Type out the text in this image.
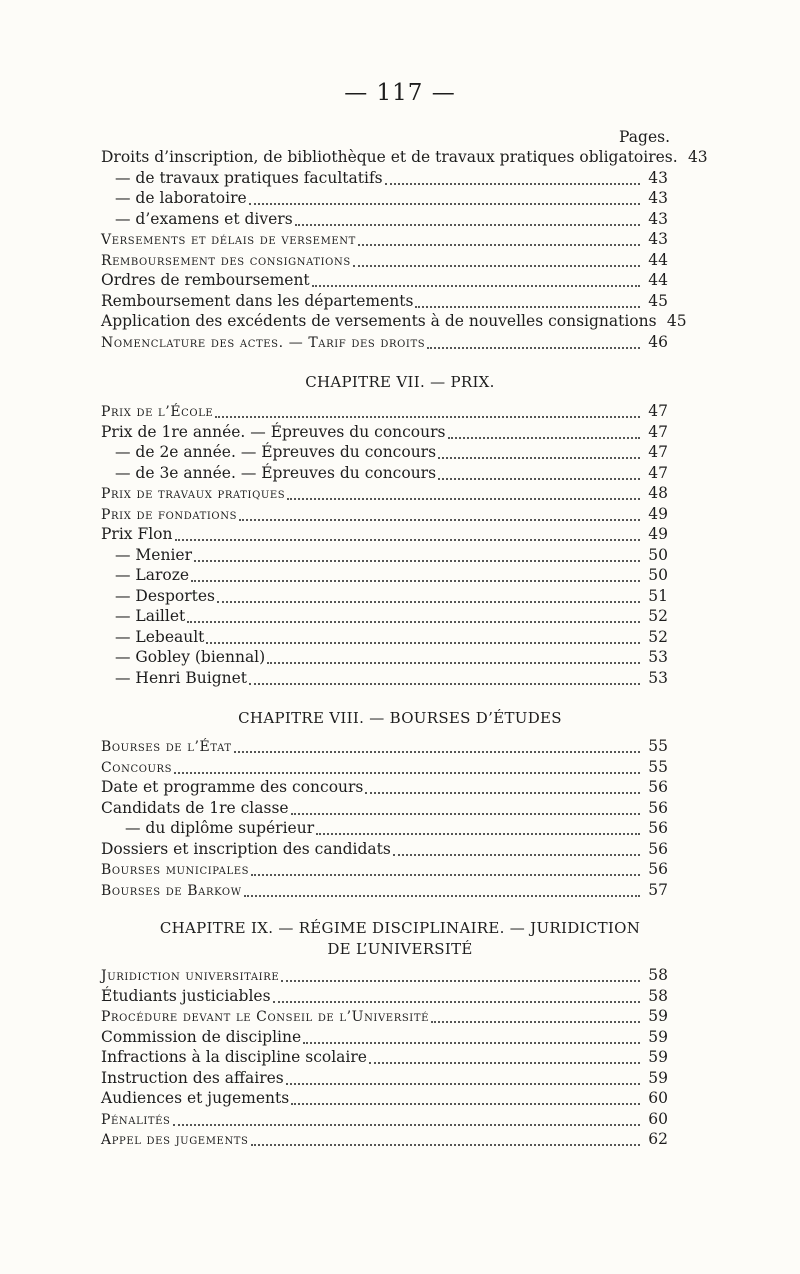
— 117 —
Pages.
Droits d’inscription, de bibliothèque et de travaux pratiques obligatoires. 43
— de travaux pratiques facultatifs	43
— de laboratoire	43
— d’examens et divers	43
Versements et délais de versement	43
Remboursement des consignations	44
Ordres de remboursement	44
Remboursement dans les départements	45
Application des excédents de versements à de nouvelles consignations 45
Nomenclature des actes. — Tarif des droits	46
CHAPITRE VII. — PRIX.
Prix de l’École	47
Prix de 1re année. — Épreuves du concours	47
— de 2e année. — Épreuves du concours	47
— de 3e année. — Épreuves du concours	47
Prix de travaux pratiques	48
Prix de fondations	49
Prix Flon	49
— Menier	50
— Laroze	50
— Desportes	51
— Laillet	52
— Lebeault	52
— Gobley (biennal)	53
— Henri Buignet	53
CHAPITRE VIII. — BOURSES D’ÉTUDES
Bourses de l’État	55
Concours	55
Date et programme des concours	56
Candidats de 1re classe	56
— du diplôme supérieur	56
Dossiers et inscription des candidats	56
Bourses municipales	56
Bourses de Barkow	57
CHAPITRE IX. — RÉGIME DISCIPLINAIRE. — JURIDICTION
DE L’UNIVERSITÉ
Juridiction universitaire	58
Étudiants justiciables	58
Procédure devant le Conseil de l’Université	59
Commission de discipline	59
Infractions à la discipline scolaire	59
Instruction des affaires	59
Audiences et jugements	60
Pénalités	60
Appel des jugements	62
